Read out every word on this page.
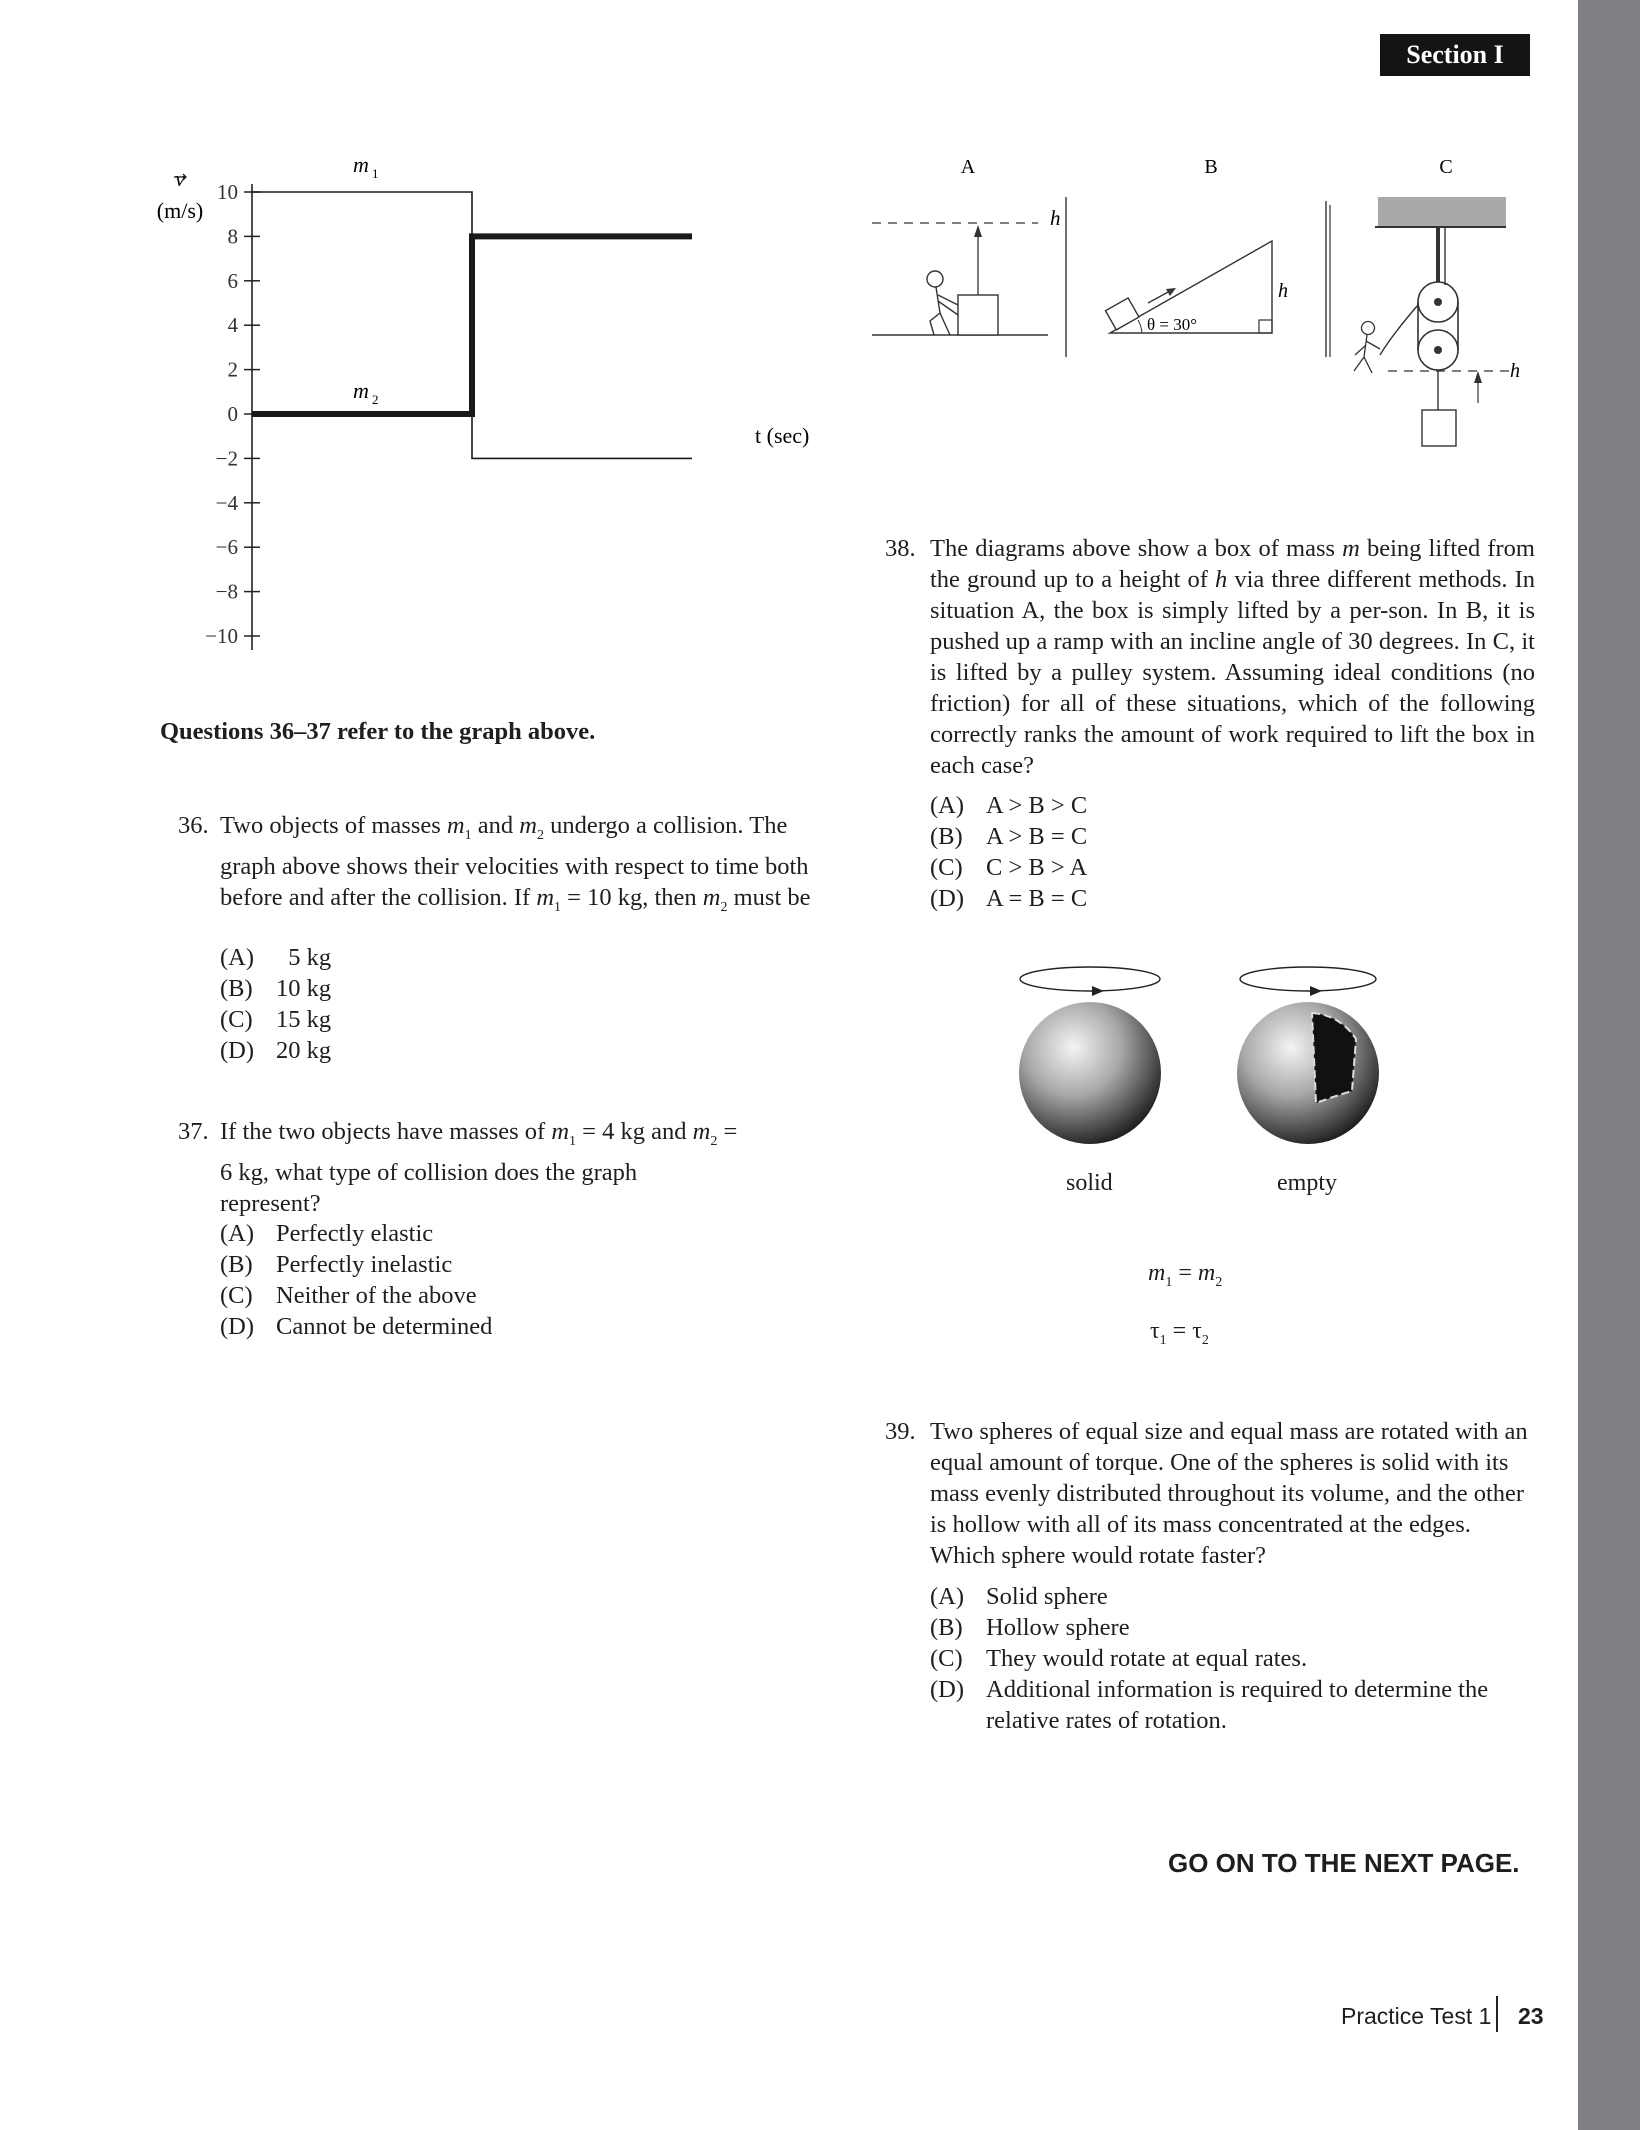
Section I
10
8
6
4
2
0
−2
−4
−6
−8
−10
v
(m/s)
m 1
m 2
t (sec)
Questions 36–37 refer to the graph above.
36. Two objects of masses $m_1$ and $m_2$ undergo a collision. The graph above shows their velocities with respect to time both before and after the collision. If $m_1 = 10$ kg, then $m_2$ must be
(A) 5 kg
(B) 10 kg
(C) 15 kg
(D) 20 kg
37. If the two objects have masses of $m_1 = 4$ kg and $m_2 = 6$ kg, what type of collision does the graph represent?
(A) Perfectly elastic
(B) Perfectly inelastic
(C) Neither of the above
(D) Cannot be determined
A	B	C
h
h
θ = 30°
h
38. The diagrams above show a box of mass m being lifted from the ground up to a height of h via three different methods. In situation A, the box is simply lifted by a per-son. In B, it is pushed up a ramp with an incline angle of 30 degrees. In C, it is lifted by a pulley system. Assuming ideal conditions (no friction) for all of these situations, which of the following correctly ranks the amount of work required to lift the box in each case?
(A) A > B > C
(B) A > B = C
(C) C > B > A
(D) A = B = C
solid	empty
$m_1 = m_2$
$\tau_1 = \tau_2$
39. Two spheres of equal size and equal mass are rotated with an equal amount of torque. One of the spheres is solid with its mass evenly distributed throughout its volume, and the other is hollow with all of its mass concentrated at the edges. Which sphere would rotate faster?
(A) Solid sphere
(B) Hollow sphere
(C) They would rotate at equal rates.
(D) Additional information is required to determine the relative rates of rotation.
GO ON TO THE NEXT PAGE.
Practice Test 1 23
